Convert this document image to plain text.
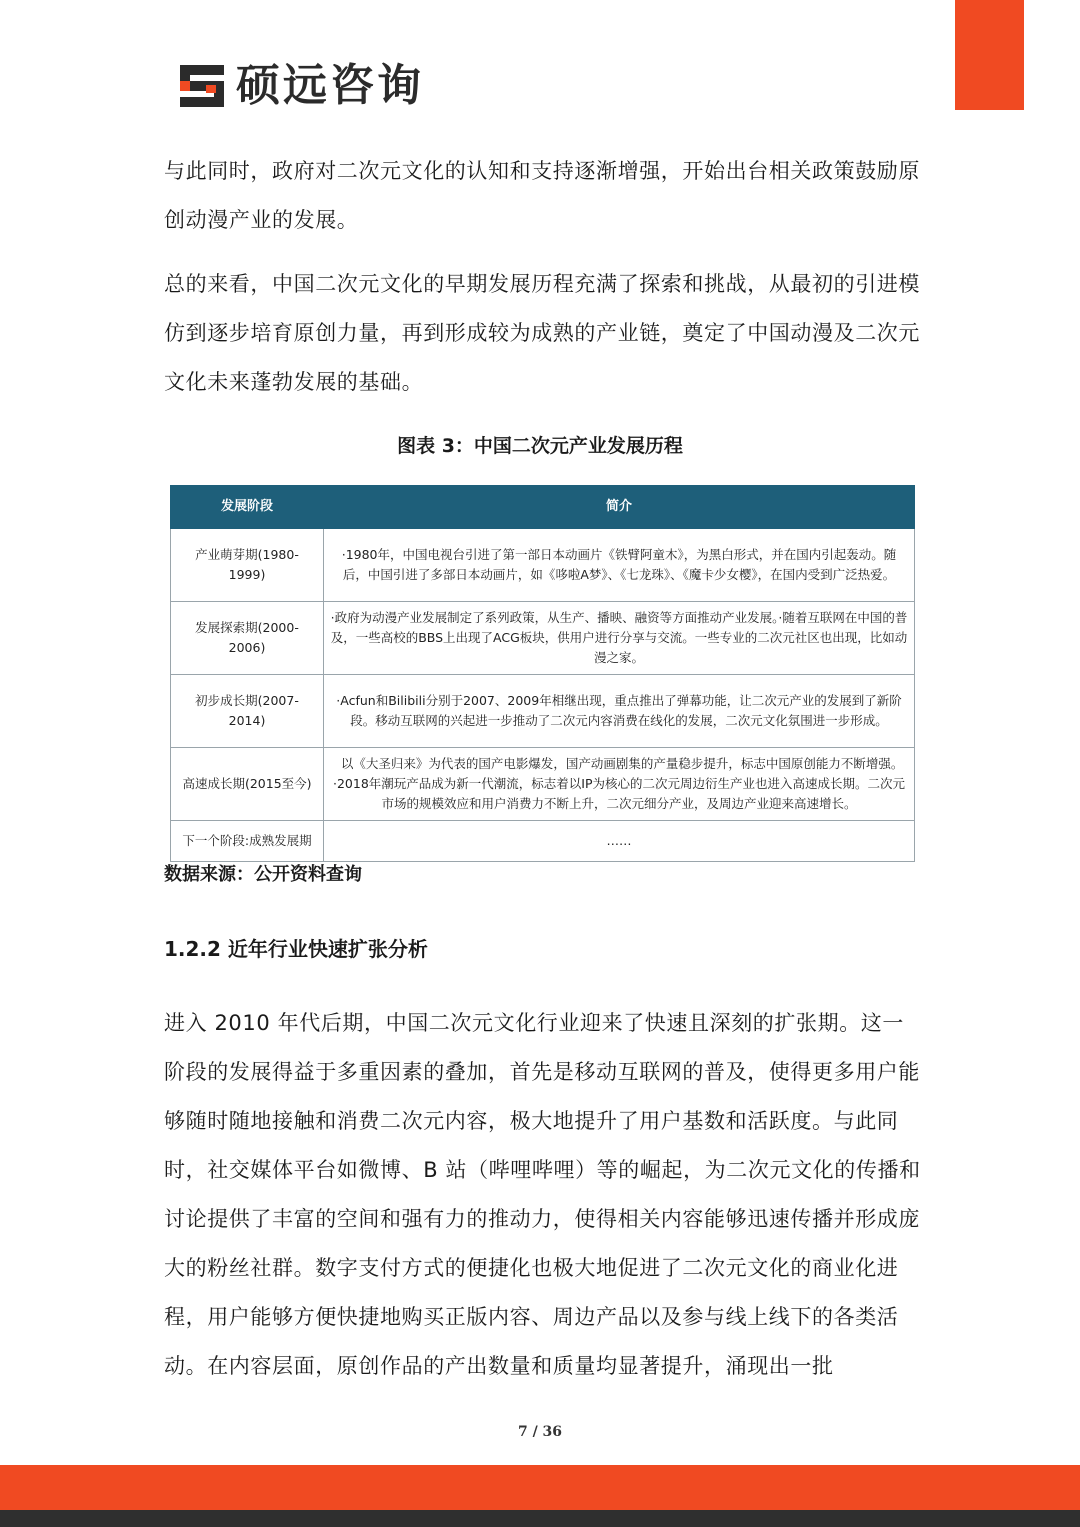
硕远咨询

与此同时，政府对二次元文化的认知和支持逐渐增强，开始出台相关政策鼓励原创动漫产业的发展。

总的来看，中国二次元文化的早期发展历程充满了探索和挑战，从最初的引进模仿到逐步培育原创力量，再到形成较为成熟的产业链，奠定了中国动漫及二次元文化未来蓬勃发展的基础。

图表 3：中国二次元产业发展历程
发展阶段	简介
产业萌芽期(1980-1999)	·1980年，中国电视台引进了第一部日本动画片《铁臂阿童木》，为黑白形式，并在国内引起轰动。随后，中国引进了多部日本动画片，如《哆啦A梦》、《七龙珠》、《魔卡少女樱》，在国内受到广泛热爱。
发展探索期(2000-2006)	·政府为动漫产业发展制定了系列政策，从生产、播映、融资等方面推动产业发展。·随着互联网在中国的普及，一些高校的BBS上出现了ACG板块，供用户进行分享与交流。一些专业的二次元社区也出现，比如动漫之家。
初步成长期(2007-2014)	·Acfun和Bilibili分别于2007、2009年相继出现，重点推出了弹幕功能，让二次元产业的发展到了新阶段。移动互联网的兴起进一步推动了二次元内容消费在线化的发展，二次元文化氛围进一步形成。
高速成长期(2015至今)	以《大圣归来》为代表的国产电影爆发，国产动画剧集的产量稳步提升，标志中国原创能力不断增强。·2018年潮玩产品成为新一代潮流，标志着以IP为核心的二次元周边衍生产业也进入高速成长期。二次元市场的规模效应和用户消费力不断上升，二次元细分产业，及周边产业迎来高速增长。
下一个阶段:成熟发展期	……
数据来源：公开资料查询
1.2.2 近年行业快速扩张分析

进入 2010 年代后期，中国二次元文化行业迎来了快速且深刻的扩张期。这一阶段的发展得益于多重因素的叠加，首先是移动互联网的普及，使得更多用户能够随时随地接触和消费二次元内容，极大地提升了用户基数和活跃度。与此同时，社交媒体平台如微博、B 站（哔哩哔哩）等的崛起，为二次元文化的传播和讨论提供了丰富的空间和强有力的推动力，使得相关内容能够迅速传播并形成庞大的粉丝社群。数字支付方式的便捷化也极大地促进了二次元文化的商业化进程，用户能够方便快捷地购买正版内容、周边产品以及参与线上线下的各类活动。在内容层面，原创作品的产出数量和质量均显著提升，涌现出一批

7 / 36
